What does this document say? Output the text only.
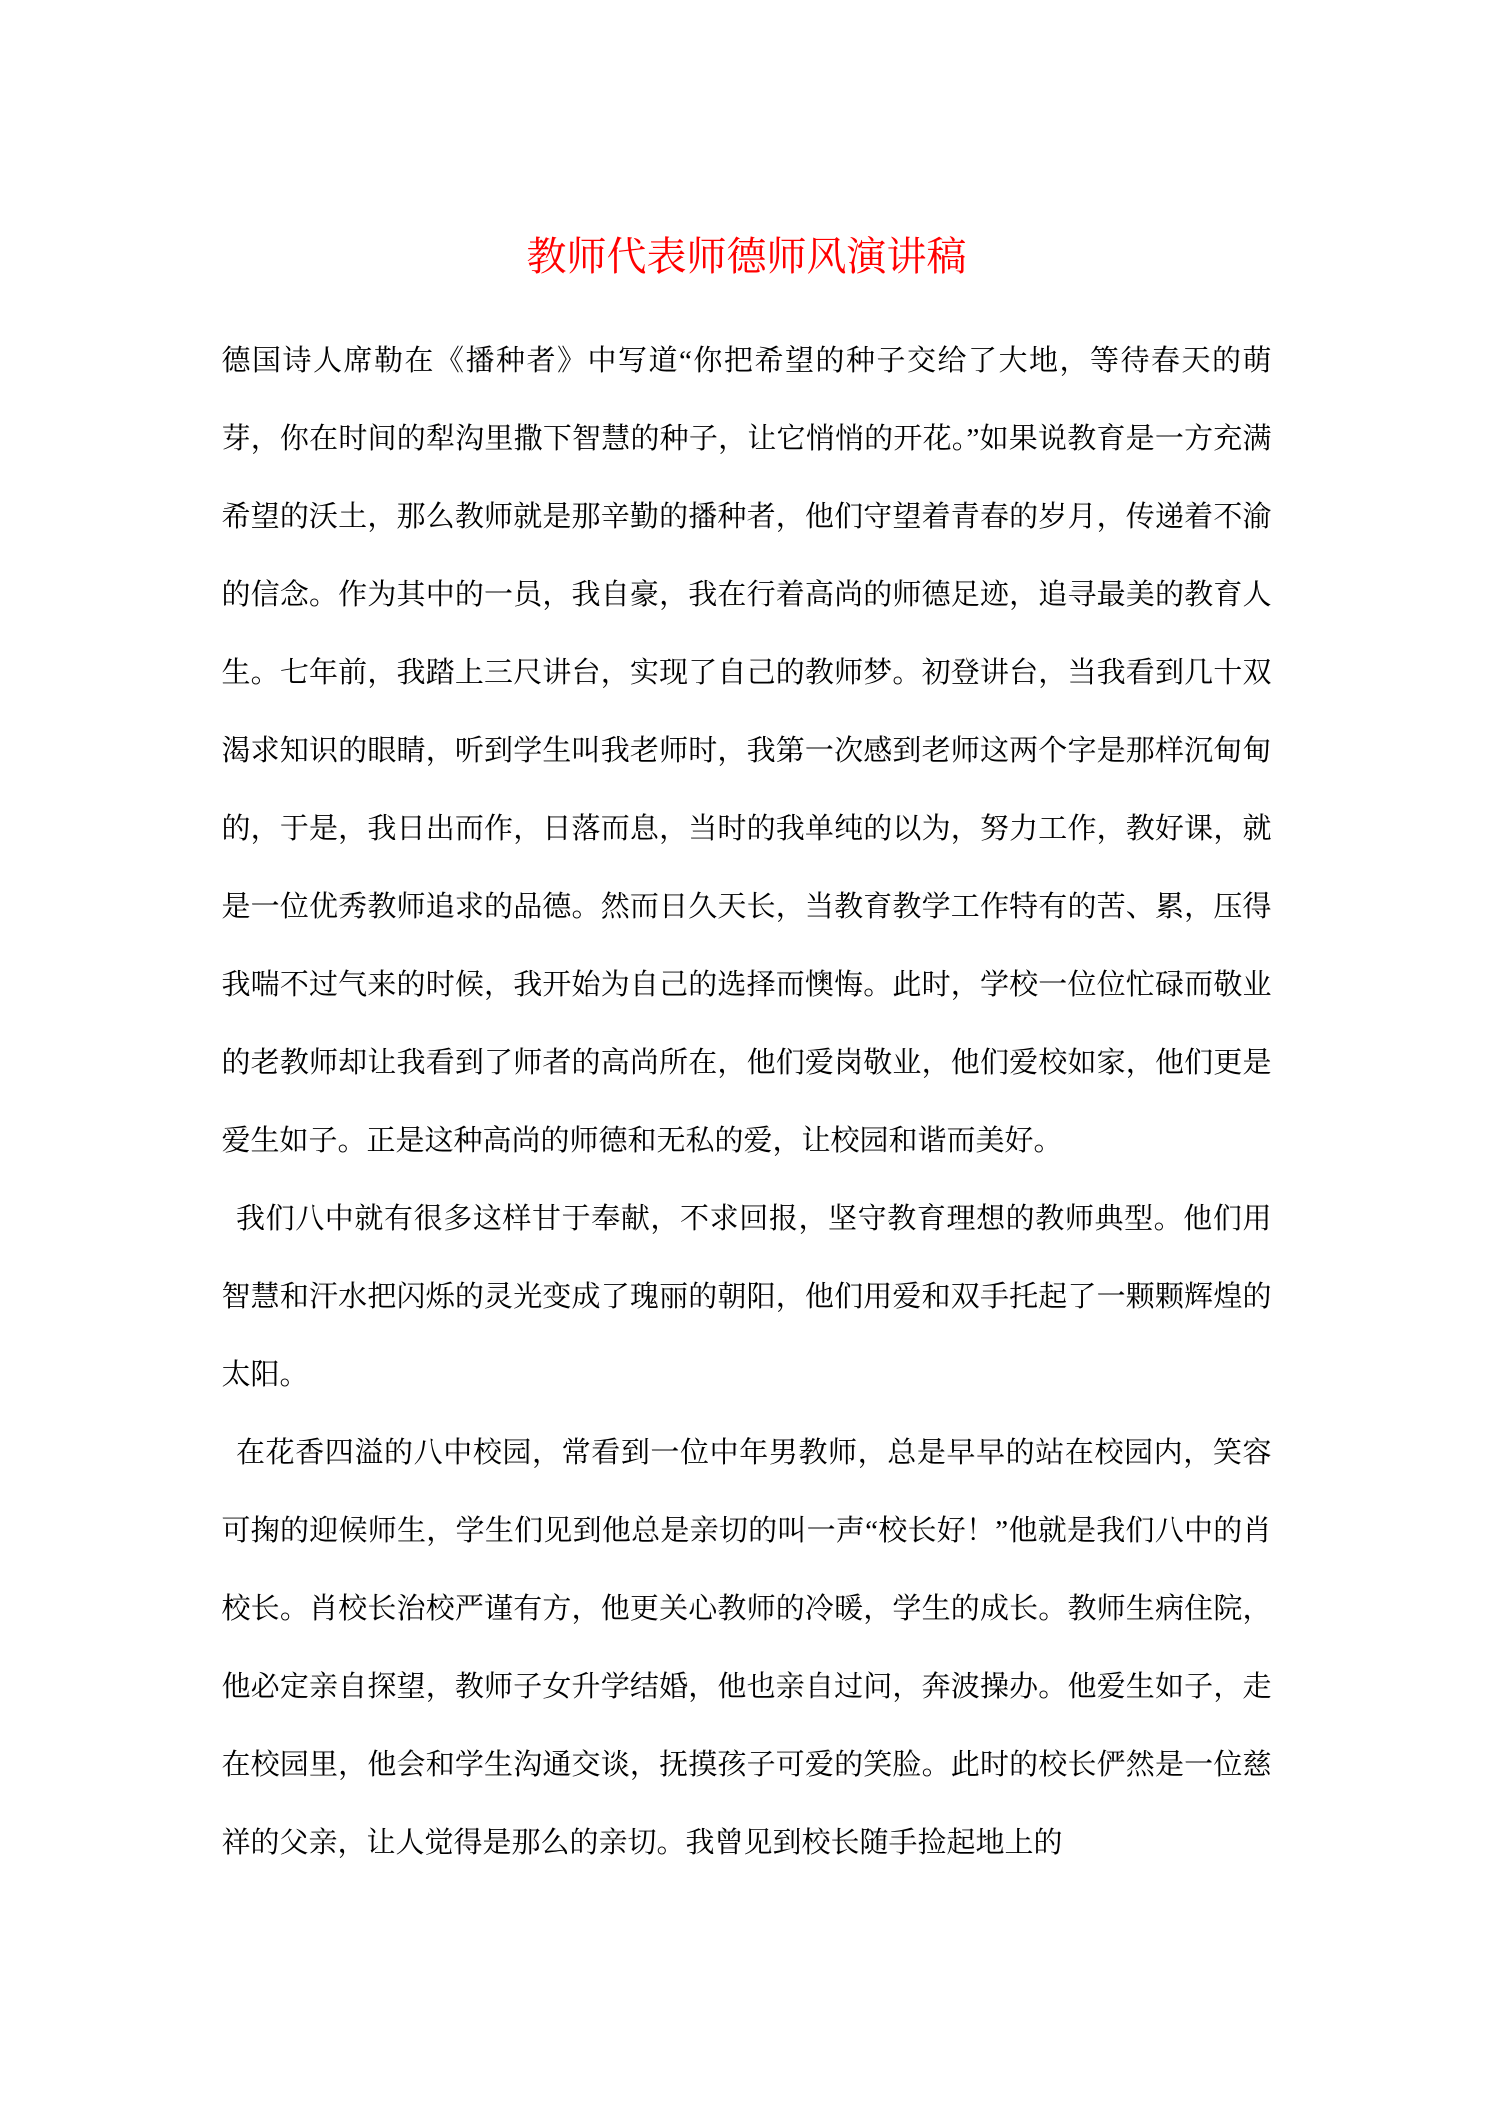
教师代表师德师风演讲稿

德国诗人席勒在《播种者》中写道“你把希望的种子交给了大地，等待春天的萌芽，你在时间的犁沟里撒下智慧的种子，让它悄悄的开花。”如果说教育是一方充满希望的沃土，那么教师就是那辛勤的播种者，他们守望着青春的岁月，传递着不渝的信念。作为其中的一员，我自豪，我在行着高尚的师德足迹，追寻最美的教育人生。七年前，我踏上三尺讲台，实现了自己的教师梦。初登讲台，当我看到几十双渴求知识的眼睛，听到学生叫我老师时，我第一次感到老师这两个字是那样沉甸甸的，于是，我日出而作，日落而息，当时的我单纯的以为，努力工作，教好课，就是一位优秀教师追求的品德。然而日久天长，当教育教学工作特有的苦、累，压得我喘不过气来的时候，我开始为自己的选择而懊悔。此时，学校一位位忙碌而敬业的老教师却让我看到了师者的高尚所在，他们爱岗敬业，他们爱校如家，他们更是爱生如子。正是这种高尚的师德和无私的爱，让校园和谐而美好。

我们八中就有很多这样甘于奉献，不求回报，坚守教育理想的教师典型。他们用智慧和汗水把闪烁的灵光变成了瑰丽的朝阳，他们用爱和双手托起了一颗颗辉煌的太阳。

在花香四溢的八中校园，常看到一位中年男教师，总是早早的站在校园内，笑容可掬的迎候师生，学生们见到他总是亲切的叫一声“校长好！”他就是我们八中的肖校长。肖校长治校严谨有方，他更关心教师的冷暖，学生的成长。教师生病住院，他必定亲自探望，教师子女升学结婚，他也亲自过问，奔波操办。他爱生如子，走在校园里，他会和学生沟通交谈，抚摸孩子可爱的笑脸。此时的校长俨然是一位慈祥的父亲，让人觉得是那么的亲切。我曾见到校长随手捡起地上的
